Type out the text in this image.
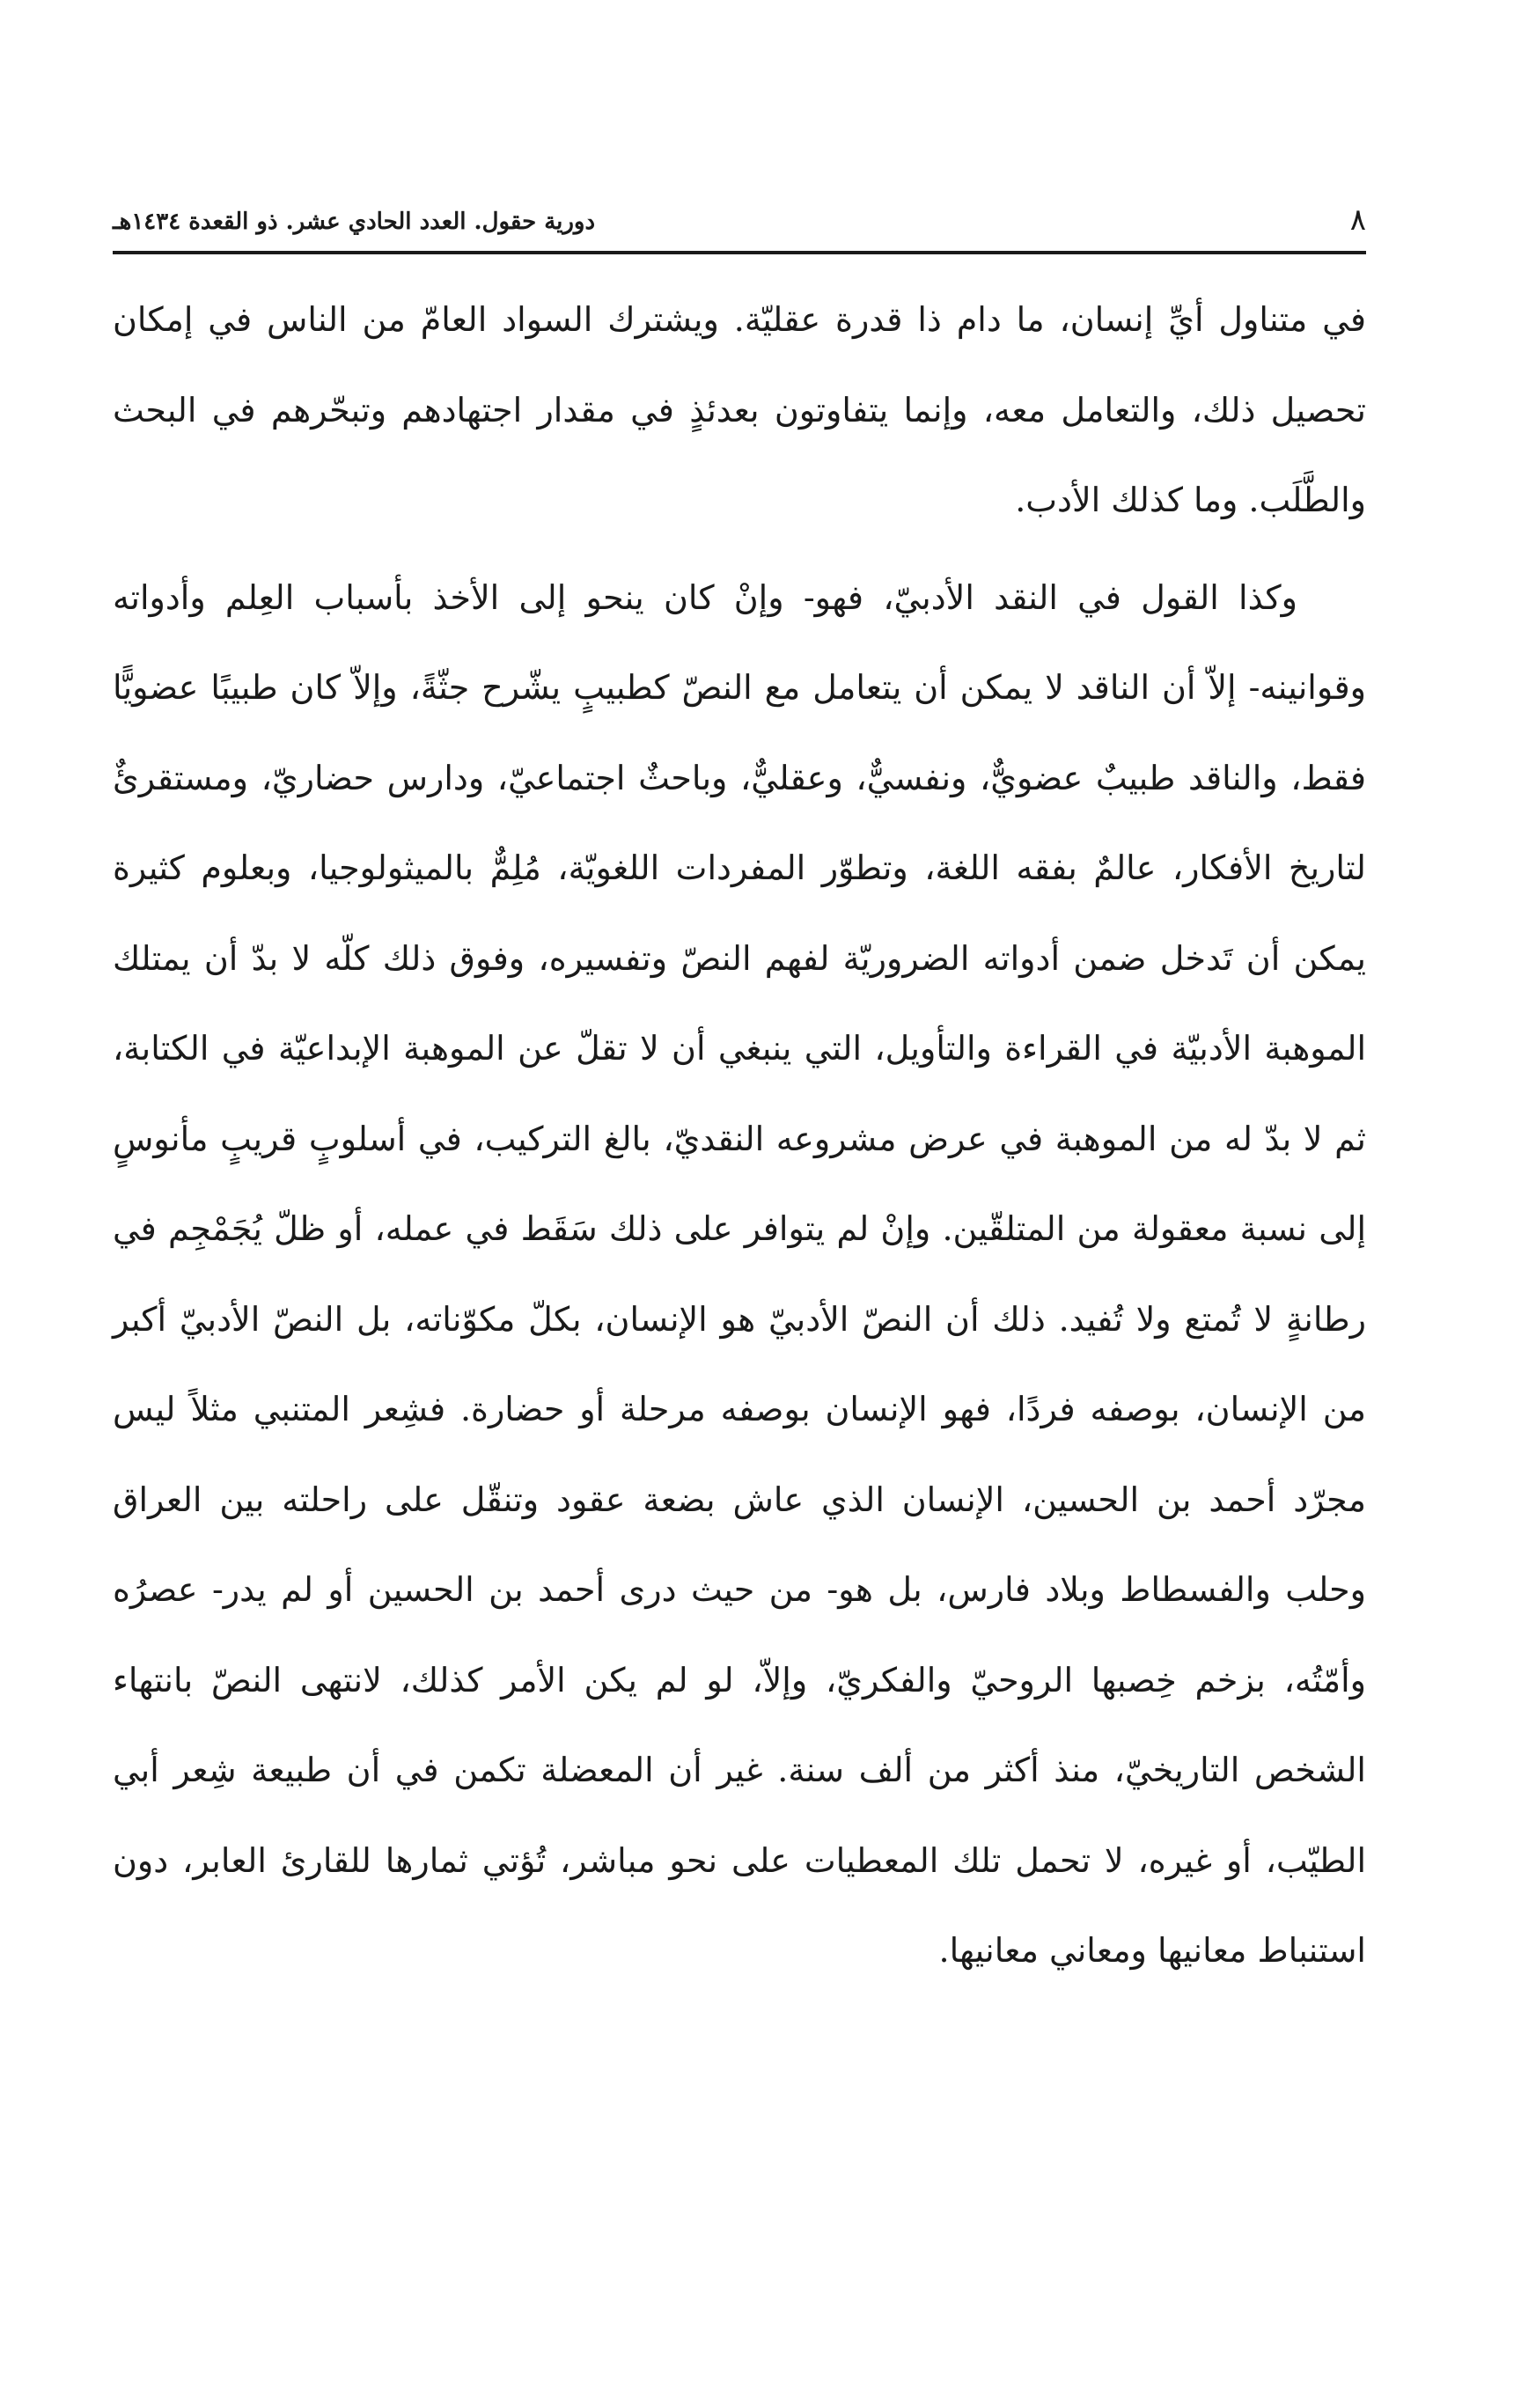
٨
دورية حقول. العدد الحادي عشر. ذو القعدة ١٤٣٤هـ

في متناول أيِّ إنسان، ما دام ذا قدرة عقليّة. ويشترك السواد العامّ من الناس في إمكان تحصيل ذلك، والتعامل معه، وإنما يتفاوتون بعدئذٍ في مقدار اجتهادهم وتبحّرهم في البحث والطَّلَب. وما كذلك الأدب.

وكذا القول في النقد الأدبيّ، فهو- وإنْ كان ينحو إلى الأخذ بأسباب العِلم وأدواته وقوانينه- إلاّ أن الناقد لا يمكن أن يتعامل مع النصّ كطبيبٍ يشّرح جثّةً، وإلاّ كان طبيبًا عضويًّا فقط، والناقد طبيبٌ عضويٌّ، ونفسيٌّ، وعقليٌّ، وباحثٌ اجتماعيّ، ودارس حضاريّ، ومستقرئٌ لتاريخ الأفكار، عالمٌ بفقه اللغة، وتطوّر المفردات اللغويّة، مُلِمٌّ بالميثولوجيا، وبعلوم كثيرة يمكن أن تَدخل ضمن أدواته الضروريّة لفهم النصّ وتفسيره، وفوق ذلك كلّه لا بدّ أن يمتلك الموهبة الأدبيّة في القراءة والتأويل، التي ينبغي أن لا تقلّ عن الموهبة الإبداعيّة في الكتابة، ثم لا بدّ له من الموهبة في عرض مشروعه النقديّ، بالغ التركيب، في أسلوبٍ قريبٍ مأنوسٍ إلى نسبة معقولة من المتلقّين. وإنْ لم يتوافر على ذلك سَقَط في عمله، أو ظلّ يُجَمْجِم في رطانةٍ لا تُمتع ولا تُفيد. ذلك أن النصّ الأدبيّ هو الإنسان، بكلّ مكوّناته، بل النصّ الأدبيّ أكبر من الإنسان، بوصفه فردًا، فهو الإنسان بوصفه مرحلة أو حضارة. فشِعر المتنبي مثلاً ليس مجرّد أحمد بن الحسين، الإنسان الذي عاش بضعة عقود وتنقّل على راحلته بين العراق وحلب والفسطاط وبلاد فارس، بل هو- من حيث درى أحمد بن الحسين أو لم يدر- عصرُه وأمّتُه، بزخم خِصبها الروحيّ والفكريّ، وإلاّ، لو لم يكن الأمر كذلك، لانتهى النصّ بانتهاء الشخص التاريخيّ، منذ أكثر من ألف سنة. غير أن المعضلة تكمن في أن طبيعة شِعر أبي الطيّب، أو غيره، لا تحمل تلك المعطيات على نحو مباشر، تُؤتي ثمارها للقارئ العابر، دون استنباط معانيها ومعاني معانيها.
